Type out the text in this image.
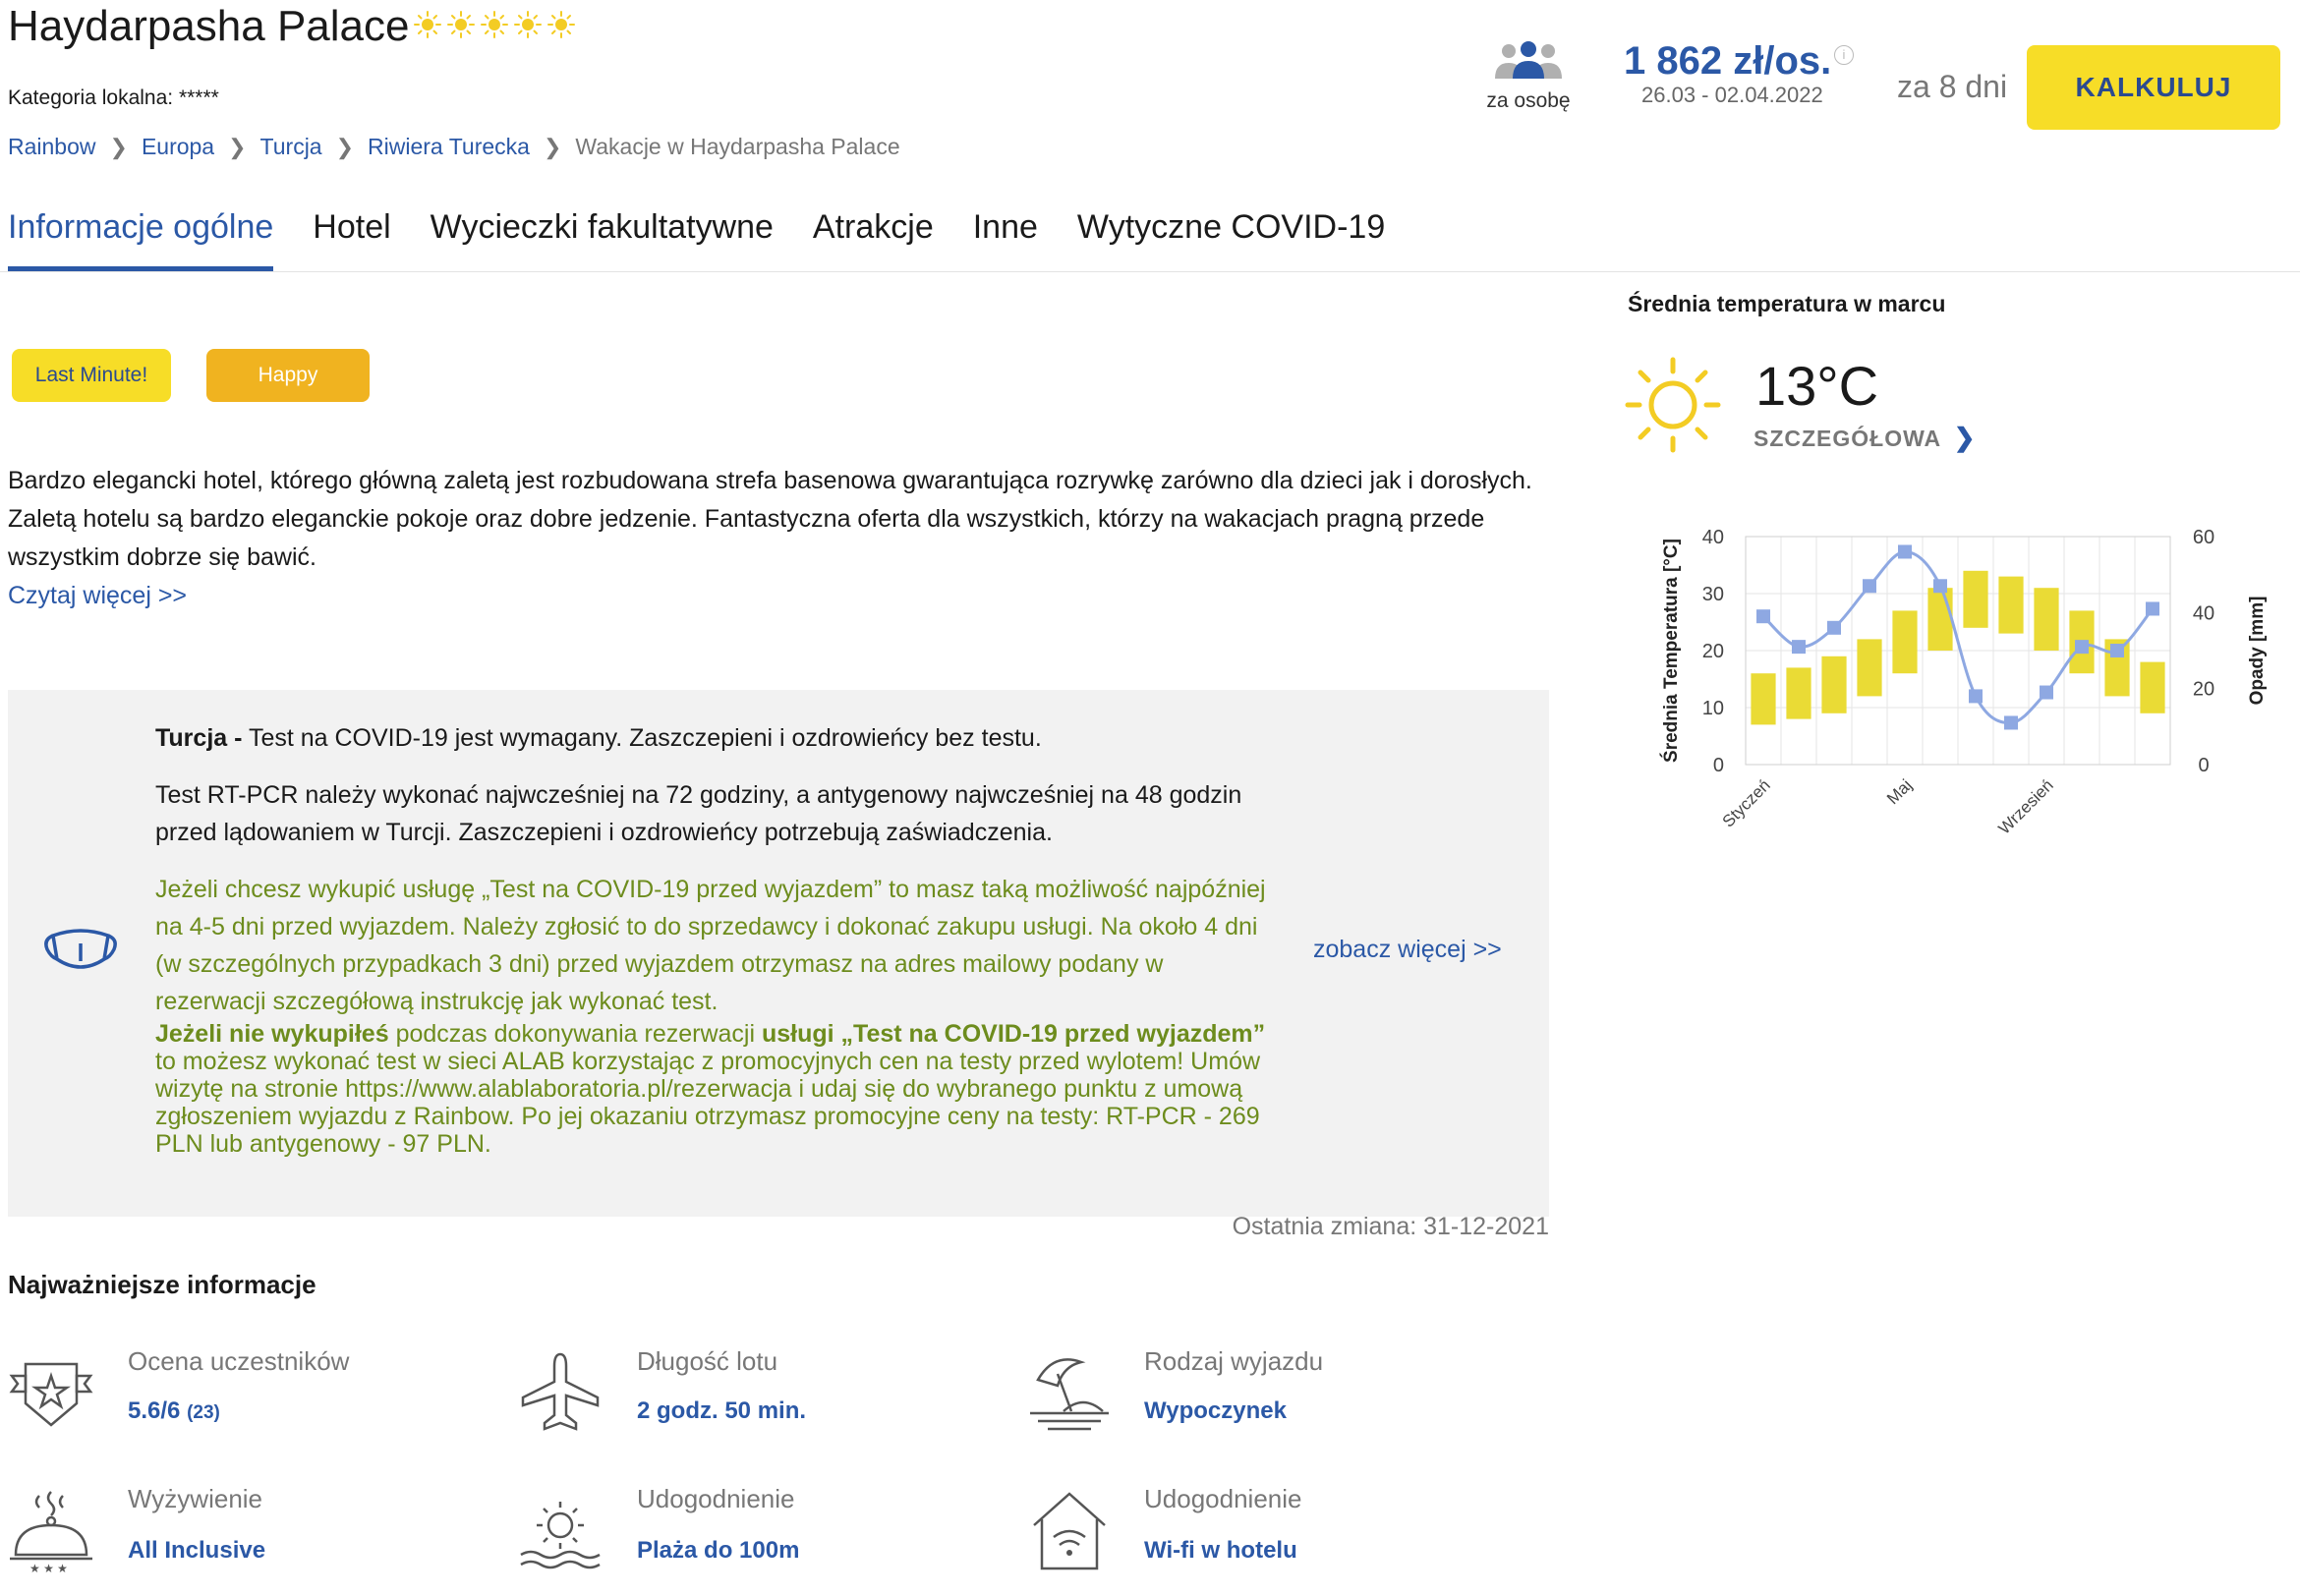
Haydarpasha Palace
Kategoria lokalna: *****
Rainbow ❯ Europa ❯ Turcja ❯ Riwiera Turecka ❯ Wakacje w Haydarpasha Palace
za osobę
1 862 zł/os. i
26.03 - 02.04.2022 za 8 dni	KALKULUJ
Informacje ogólne Hotel Wycieczki fakultatywne Atrakcje Inne Wytyczne COVID-19
Last Minute!	Happy Hours
Bardzo elegancki hotel, którego główną zaletą jest rozbudowana strefa basenowa gwarantująca rozrywkę zarówno dla dzieci jak i dorosłych. Zaletą hotelu są bardzo eleganckie pokoje oraz dobre jedzenie. Fantastyczna oferta dla wszystkich, którzy na wakacjach pragną przede wszystkim dobrze się bawić.
Czytaj więcej >>

Turcja - Test na COVID-19 jest wymagany. Zaszczepieni i ozdrowieńcy bez testu.

Test RT-PCR należy wykonać najwcześniej na 72 godziny, a antygenowy najwcześniej na 48 godzin przed lądowaniem w Turcji. Zaszczepieni i ozdrowieńcy potrzebują zaświadczenia.

Jeżeli chcesz wykupić usługę „Test na COVID-19 przed wyjazdem” to masz taką możliwość najpóźniej na 4-5 dni przed wyjazdem. Należy zgłosić to do sprzedawcy i dokonać zakupu usługi. Na około 4 dni (w szczególnych przypadkach 3 dni) przed wyjazdem otrzymasz na adres mailowy podany w rezerwacji szczegółową instrukcję jak wykonać test.
Jeżeli nie wykupiłeś podczas dokonywania rezerwacji usługi „Test na COVID-19 przed wyjazdem” to możesz wykonać test w sieci ALAB korzystając z promocyjnych cen na testy przed wylotem! Umów wizytę na stronie https://www.alablaboratoria.pl/rezerwacja i udaj się do wybranego punktu z umową zgłoszeniem wyjazdu z Rainbow. Po jej okazaniu otrzymasz promocyjne ceny na testy: RT-PCR - 269 PLN lub antygenowy - 97 PLN.
zobacz więcej >>
Ostatnia zmiana: 31-12-2021
Najważniejsze informacje
Ocena uczestników
5.6/6 (23)
Długość lotu
2 godz. 50 min.
Rodzaj wyjazdu
Wypoczynek
★ ★ ★
Wyżywienie
All Inclusive
Udogodnienie
Plaża do 100m
Udogodnienie
Wi-fi w hotelu
Średnia temperatura w marcu
13°C
SZCZEGÓŁOWA ❯
0
10
20
30
40
0
20
40
60
Średnia Temperatura [°C]	Opady [mm]
Styczeń	Maj	Wrzesień
